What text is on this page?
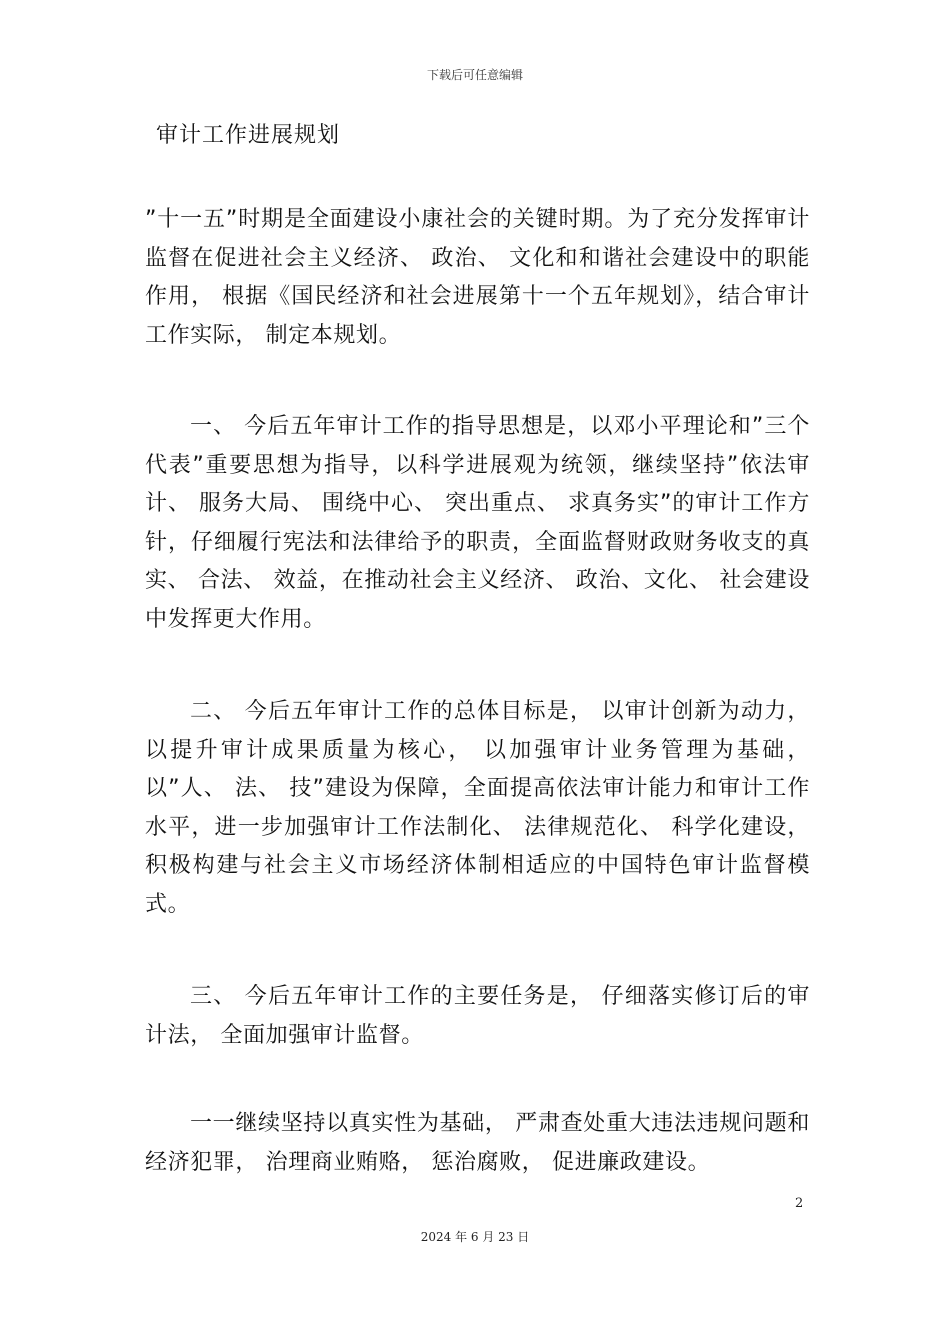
下载后可任意编辑
审计工作进展规划

”十一五”时期是全面建设小康社会的关键时期。为了充分发挥审计监督在促进社会主义经济、 政治、 文化和和谐社会建设中的职能作用， 根据《国民经济和社会进展第十一个五年规划》，结合审计工作实际， 制定本规划。

一、 今后五年审计工作的指导思想是，以邓小平理论和”三个代表”重要思想为指导，以科学进展观为统领，继续坚持”依法审计、 服务大局、 围绕中心、 突出重点、 求真务实”的审计工作方针，仔细履行宪法和法律给予的职责，全面监督财政财务收支的真实、 合法、 效益，在推动社会主义经济、 政治、文化、 社会建设中发挥更大作用。

二、 今后五年审计工作的总体目标是， 以审计创新为动力，以提升审计成果质量为核心， 以加强审计业务管理为基础， 以”人、 法、 技”建设为保障，全面提高依法审计能力和审计工作水平，进一步加强审计工作法制化、 法律规范化、 科学化建设，积极构建与社会主义市场经济体制相适应的中国特色审计监督模式。

三、 今后五年审计工作的主要任务是， 仔细落实修订后的审计法， 全面加强审计监督。

一一继续坚持以真实性为基础， 严肃查处重大违法违规问题和经济犯罪， 治理商业贿赂， 惩治腐败， 促进廉政建设。

2
2024 年 6 月 23 日
